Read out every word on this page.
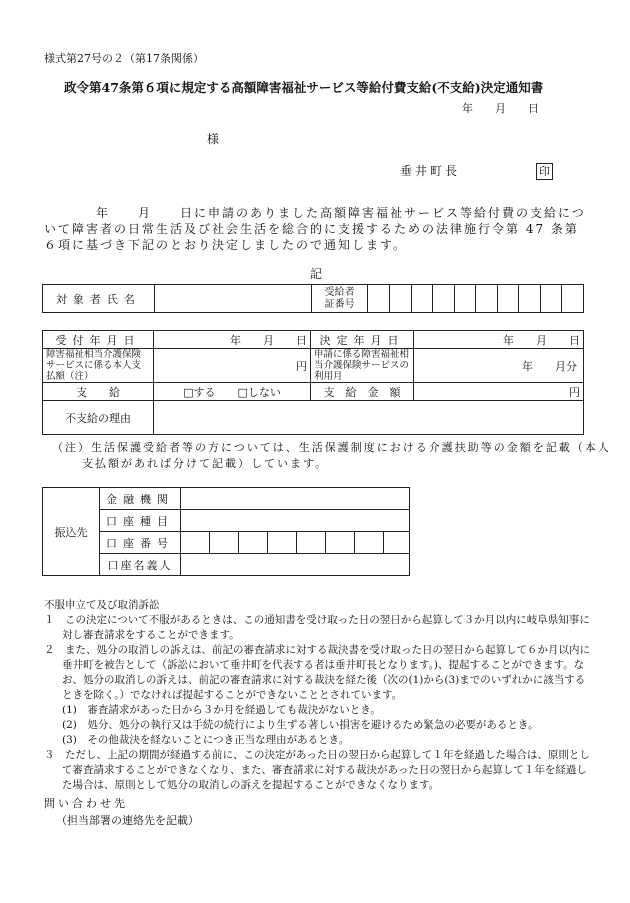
様式第27号の２（第17条関係）
政令第47条第６項に規定する高額障害福祉サービス等給付費支給(不支給)決定通知書
年　　月　　日
様
垂井町長	印
年　　月　　日に申請のありました高額障害福祉サービス等給付費の支給について障害者の日常生活及び社会生活を総合的に支援するための法律施行令第 47 条第６項に基づき下記のとおり決定しましたので通知します。
記
対象者氏名		受給者
証番号										
受付年月日	年　　月　　日	決定年月日	年　　月　　日
障害福祉相当介護保険サービスに係る本人支払額（注）	円	申請に係る障害福祉相当介護保険サービスの利用月	年　　月分
支　　給	□する　　 □しない	支　給　金　額	円
不支給の理由			
（注）生活保護受給者等の方については、生活保護制度における介護扶助等の金額を記載（本人支払額があれば分けて記載）しています。
振込先	金融機関								
	口座種目								
	口座番号								
	口座名義人								

不服申立て及び取消訴訟

１　この決定について不服があるときは、この通知書を受け取った日の翌日から起算して３か月以内に岐阜県知事に対し審査請求をすることができます。

２　また、処分の取消しの訴えは、前記の審査請求に対する裁決書を受け取った日の翌日から起算して６か月以内に垂井町を被告として（訴訟において垂井町を代表する者は垂井町長となります。)、提起することができます。なお、処分の取消しの訴えは、前記の審査請求に対する裁決を経た後（次の(1)から(3)までのいずれかに該当するときを除く。）でなければ提起することができないこととされています。

(1)　審査請求があった日から３か月を経過しても裁決がないとき。

(2)　処分、処分の執行又は手続の続行により生ずる著しい損害を避けるため緊急の必要があるとき。

(3)　その他裁決を経ないことにつき正当な理由があるとき。

３　ただし、上記の期間が経過する前に、この決定があった日の翌日から起算して１年を経過した場合は、原則として審査請求することができなくなり、また、審査請求に対する裁決があった日の翌日から起算して１年を経過した場合は、原則として処分の取消しの訴えを提起することができなくなります。

問い合わせ先
（担当部署の連絡先を記載）
